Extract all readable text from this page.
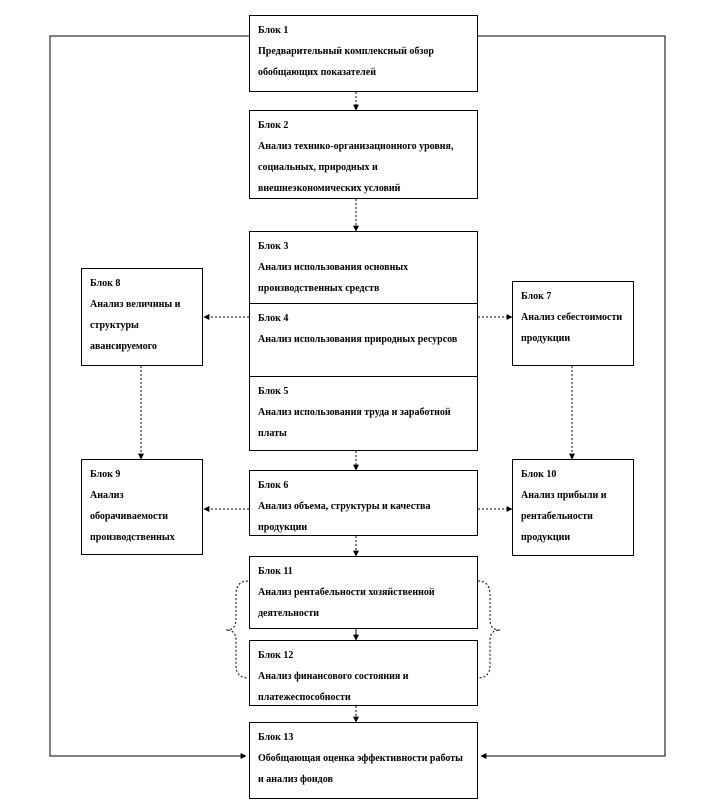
Блок 1
Предварительный комплексный обзор обобщающих показателей
Блок 2
Анализ технико-организационного уровня, социальных, природных и внешнеэкономических условий
Блок 3
Анализ использования основных производственных средств
Блок 4
Анализ использования природных ресурсов
Блок 5
Анализ использования труда и заработной платы
Блок 6
Анализ объема, структуры и качества продукции
Блок 8
Анализ величины и структуры авансируемого
Блок 7
Анализ себестоимости продукции
Блок 9
Анализ оборачиваемости производственных
Блок 10
Анализ прибыли и рентабельности продукции
Блок 11
Анализ рентабельности хозяйственной деятельности
Блок 12
Анализ финансового состояния и платежеспособности
Блок 13
Обобщающая оценка эффективности работы и анализ фондов
